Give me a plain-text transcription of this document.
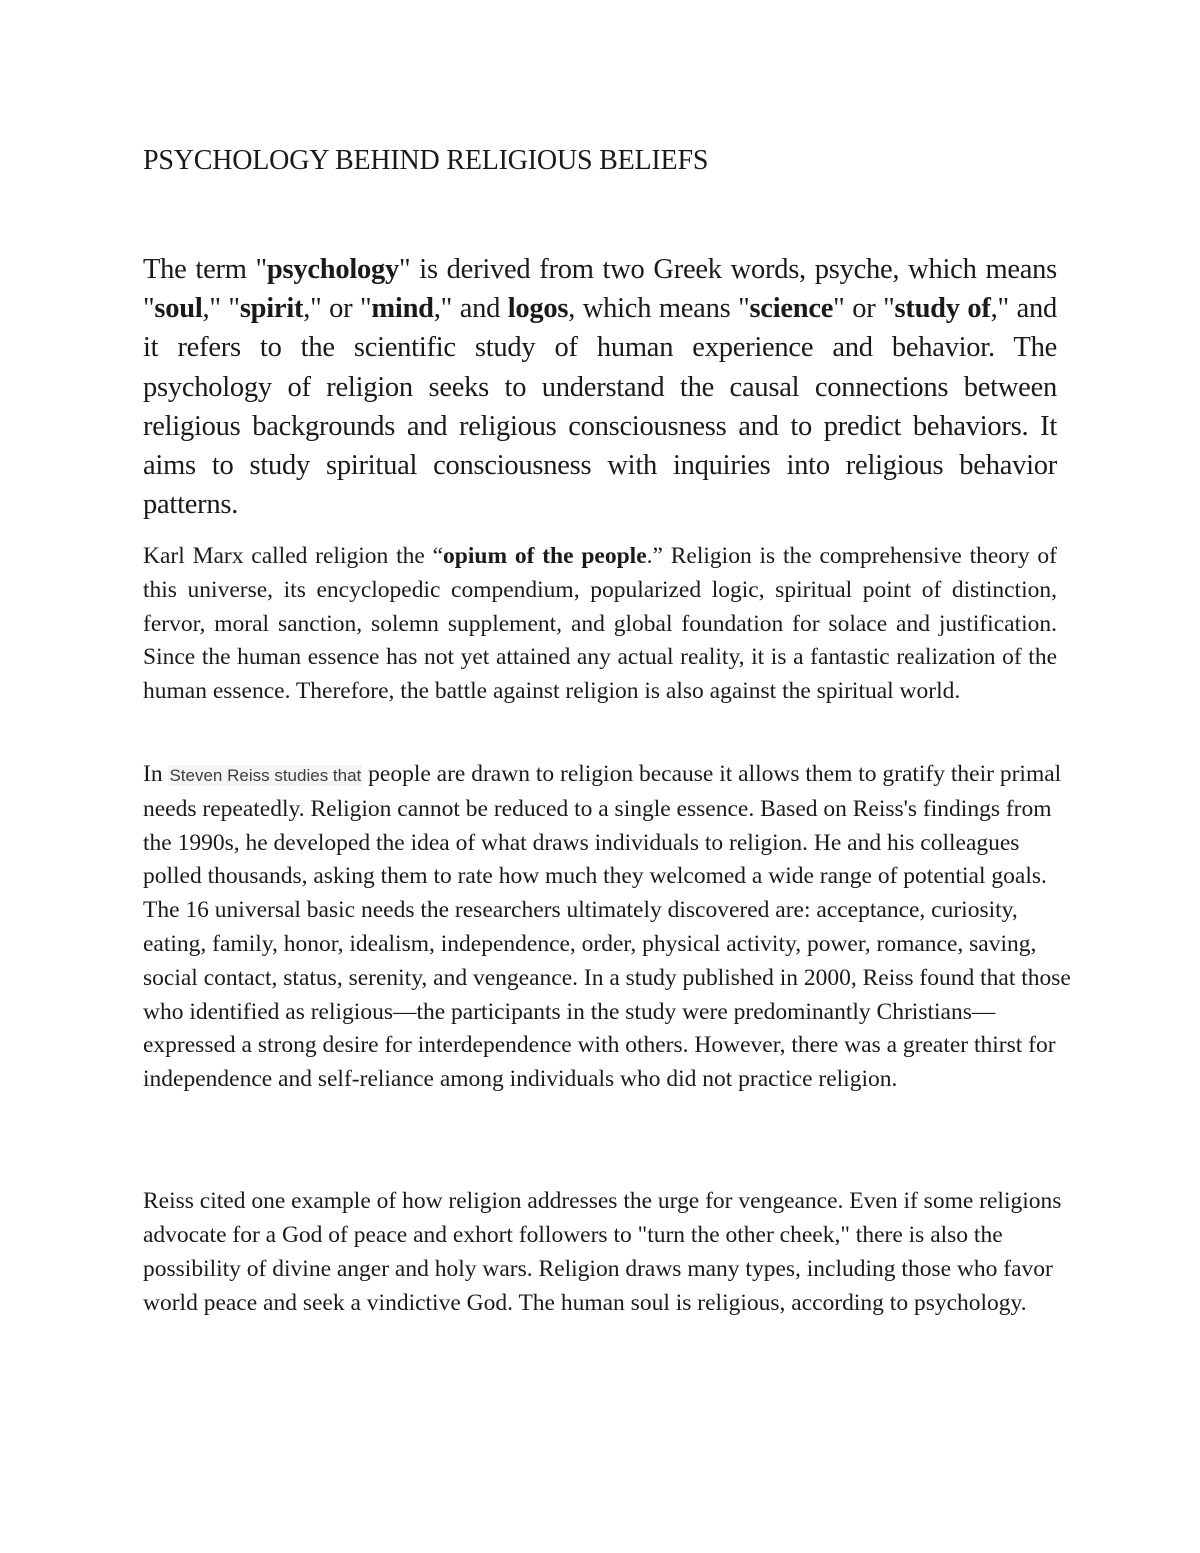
PSYCHOLOGY BEHIND RELIGIOUS BELIEFS

The term "psychology" is derived from two Greek words, psyche, which means "soul," "spirit," or "mind," and logos, which means "science" or "study of," and it refers to the scientific study of human experience and behavior. The psychology of religion seeks to understand the causal connections between religious backgrounds and religious consciousness and to predict behaviors. It aims to study spiritual consciousness with inquiries into religious behavior patterns.

Karl Marx called religion the “opium of the people.” Religion is the comprehensive theory of this universe, its encyclopedic compendium, popularized logic, spiritual point of distinction, fervor, moral sanction, solemn supplement, and global foundation for solace and justification. Since the human essence has not yet attained any actual reality, it is a fantastic realization of the human essence. Therefore, the battle against religion is also against the spiritual world.

In Steven Reiss studies that people are drawn to religion because it allows them to gratify their primal needs repeatedly. Religion cannot be reduced to a single essence. Based on Reiss's findings from the 1990s, he developed the idea of what draws individuals to religion. He and his colleagues polled thousands, asking them to rate how much they welcomed a wide range of potential goals. The 16 universal basic needs the researchers ultimately discovered are: acceptance, curiosity, eating, family, honor, idealism, independence, order, physical activity, power, romance, saving, social contact, status, serenity, and vengeance. In a study published in 2000, Reiss found that those who identified as religious—the participants in the study were predominantly Christians—expressed a strong desire for interdependence with others. However, there was a greater thirst for independence and self-reliance among individuals who did not practice religion.

Reiss cited one example of how religion addresses the urge for vengeance. Even if some religions advocate for a God of peace and exhort followers to "turn the other cheek," there is also the possibility of divine anger and holy wars. Religion draws many types, including those who favor world peace and seek a vindictive God. The human soul is religious, according to psychology.
